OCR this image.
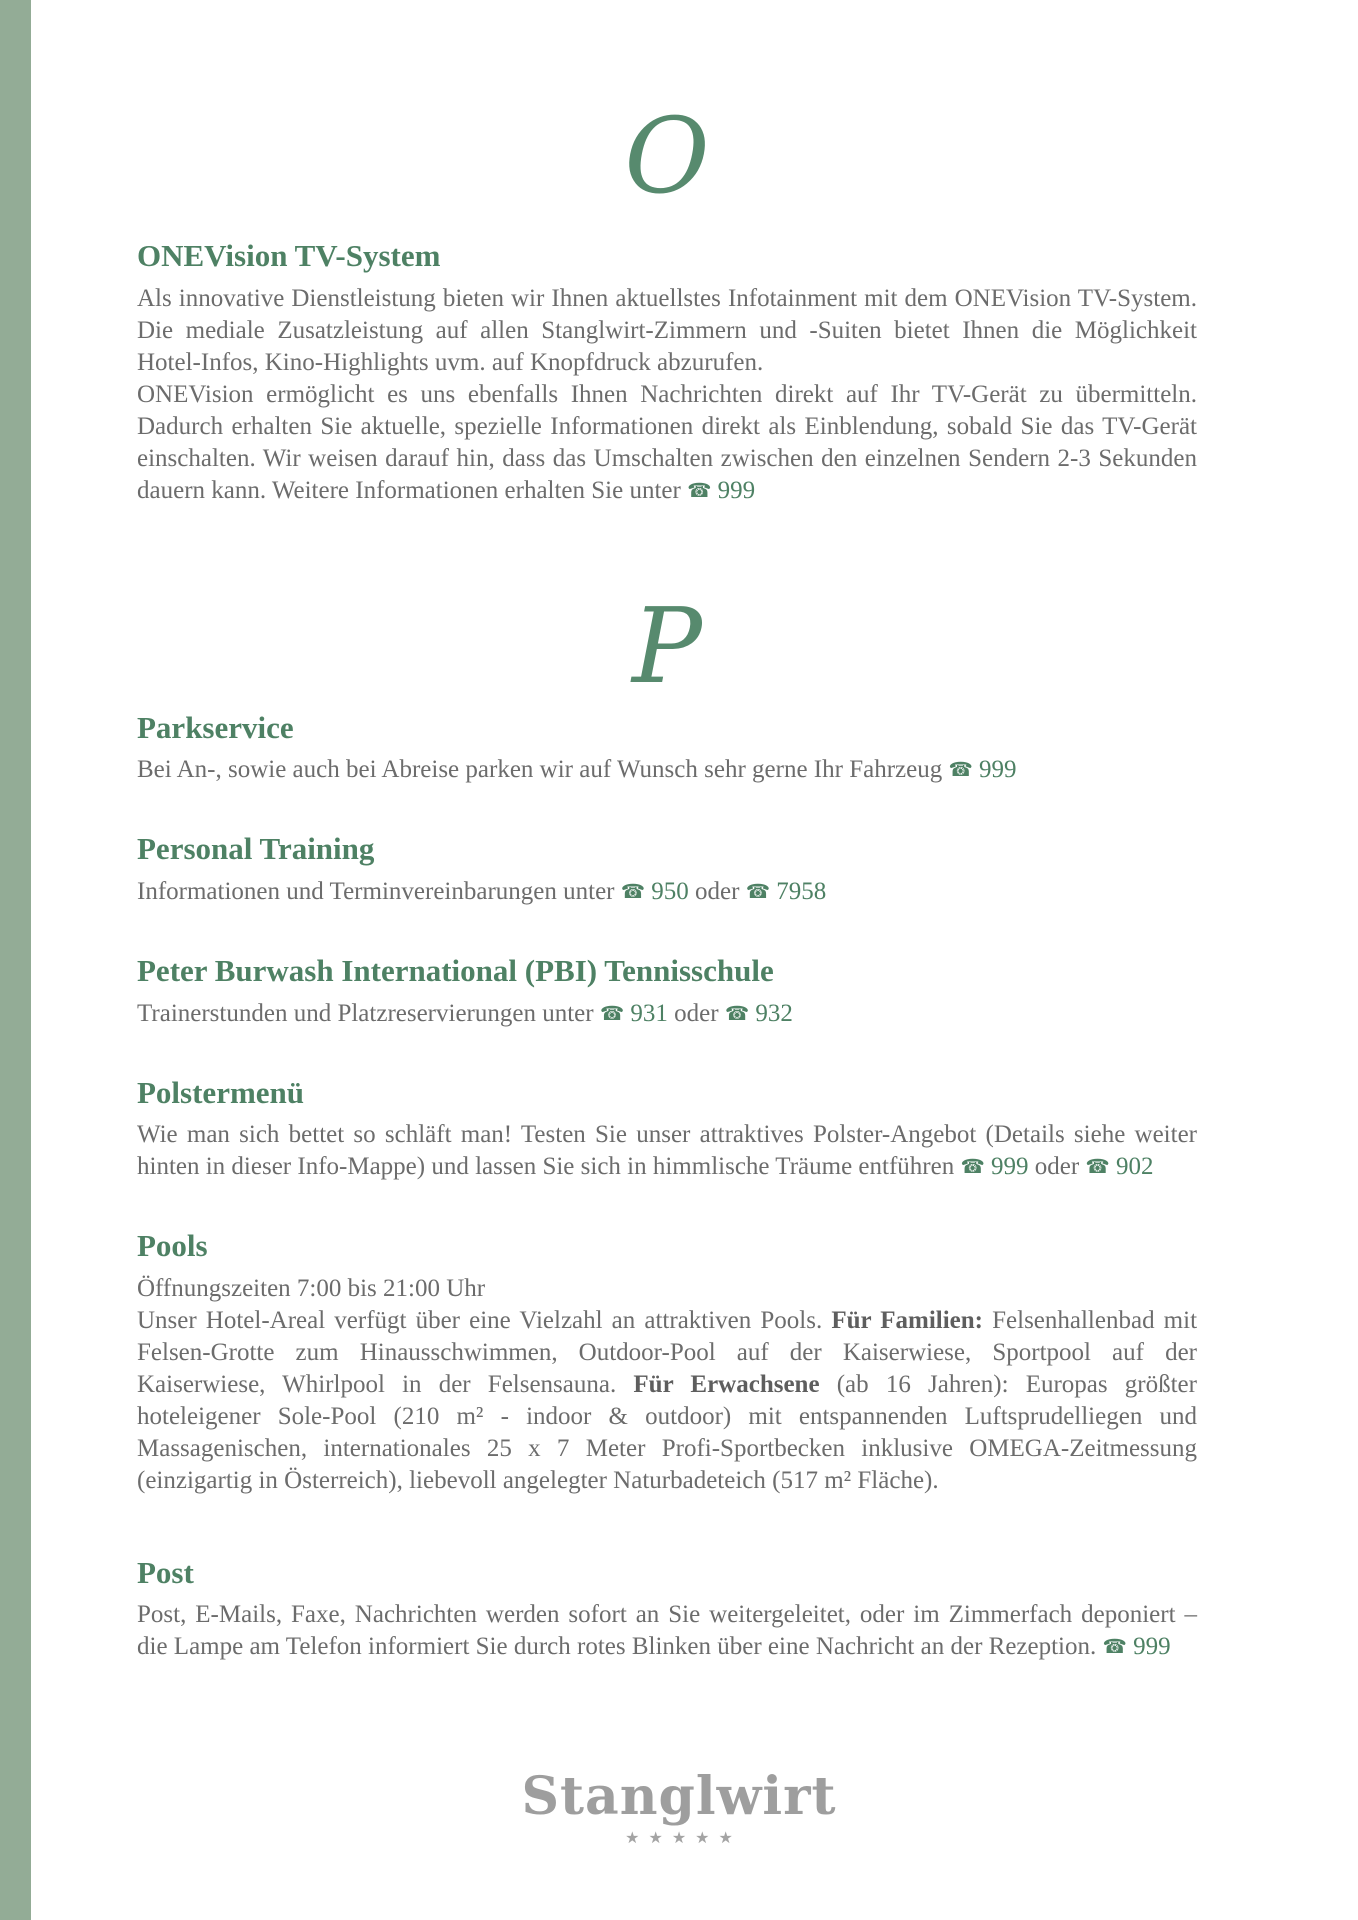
O
ONEVision TV-System

Als innovative Dienstleistung bieten wir Ihnen aktuellstes Infotainment mit dem ONEVision TV-System. Die mediale Zusatzleistung auf allen Stanglwirt-Zimmern und -Suiten bietet Ihnen die Möglichkeit Hotel-Infos, Kino-Highlights uvm. auf Knopfdruck abzurufen.

ONEVision ermöglicht es uns ebenfalls Ihnen Nachrichten direkt auf Ihr TV-Gerät zu übermitteln. Dadurch erhalten Sie aktuelle, spezielle Informationen direkt als Einblendung, sobald Sie das TV-Gerät einschalten. Wir weisen darauf hin, dass das Umschalten zwischen den einzelnen Sendern 2-3 Sekunden dauern kann. Weitere Informationen erhalten Sie unter ☎ 999

P
Parkservice

Bei An-, sowie auch bei Abreise parken wir auf Wunsch sehr gerne Ihr Fahrzeug ☎ 999

Personal Training

Informationen und Terminvereinbarungen unter ☎ 950 oder ☎ 7958

Peter Burwash International (PBI) Tennisschule

Trainerstunden und Platzreservierungen unter ☎ 931 oder ☎ 932

Polstermenü

Wie man sich bettet so schläft man! Testen Sie unser attraktives Polster-Angebot (Details siehe weiter hinten in dieser Info-Mappe) und lassen Sie sich in himmlische Träume entführen ☎ 999 oder ☎ 902

Pools

Öffnungszeiten 7:00 bis 21:00 Uhr

Unser Hotel-Areal verfügt über eine Vielzahl an attraktiven Pools. Für Familien: Felsenhallenbad mit Felsen-Grotte zum Hinausschwimmen, Outdoor-Pool auf der Kaiserwiese, Sportpool auf der Kaiserwiese, Whirlpool in der Felsensauna. Für Erwachsene (ab 16 Jahren): Europas größter hoteleigener Sole-Pool (210 m² - indoor & outdoor) mit entspannenden Luftsprudelliegen und Massagenischen, internationales 25 x 7 Meter Profi-Sportbecken inklusive OMEGA-Zeitmessung (einzigartig in Österreich), liebevoll angelegter Naturbadeteich (517 m² Fläche).

Post

Post, E-Mails, Faxe, Nachrichten werden sofort an Sie weitergeleitet, oder im Zimmerfach deponiert – die Lampe am Telefon informiert Sie durch rotes Blinken über eine Nachricht an der Rezeption. ☎ 999

Stanglwirt
★★★★★
